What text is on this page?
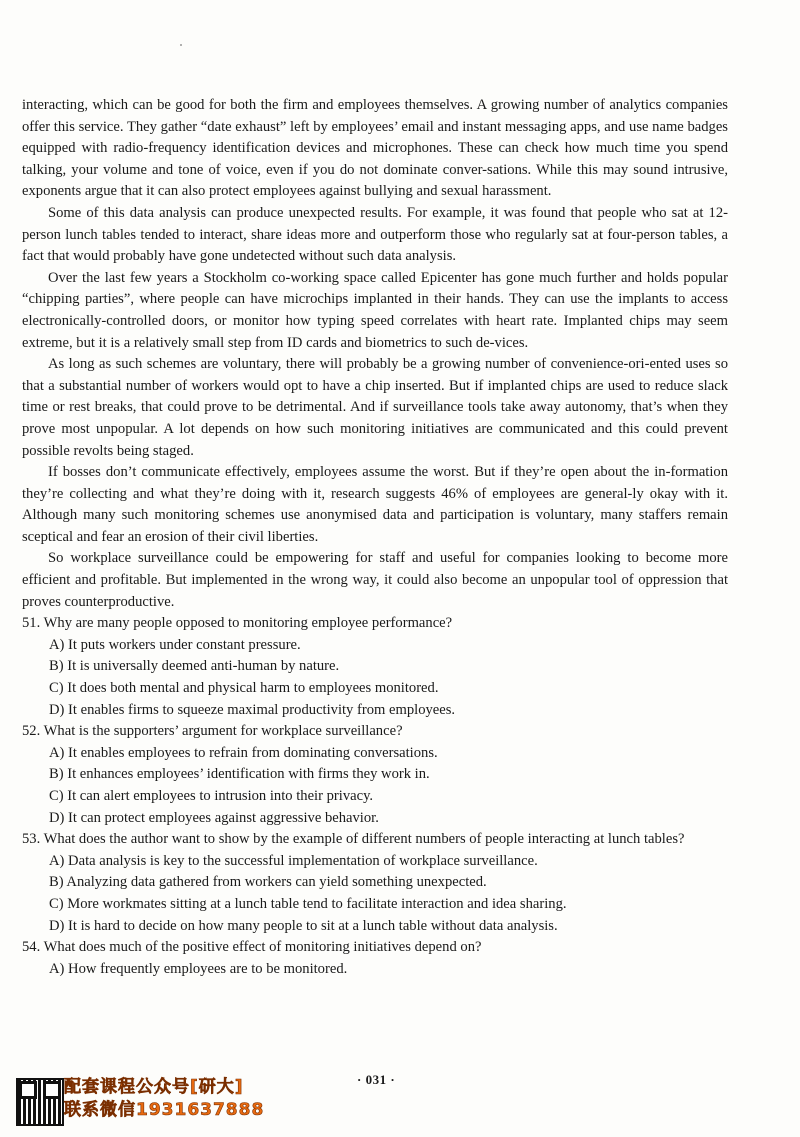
interacting, which can be good for both the firm and employees themselves. A growing number of analytics companies offer this service. They gather “date exhaust” left by employees’ email and instant messaging apps, and use name badges equipped with radio-frequency identification devices and microphones. These can check how much time you spend talking, your volume and tone of voice, even if you do not dominate conver-sations. While this may sound intrusive, exponents argue that it can also protect employees against bullying and sexual harassment.

Some of this data analysis can produce unexpected results. For example, it was found that people who sat at 12-person lunch tables tended to interact, share ideas more and outperform those who regularly sat at four-person tables, a fact that would probably have gone undetected without such data analysis.

Over the last few years a Stockholm co-working space called Epicenter has gone much further and holds popular “chipping parties”, where people can have microchips implanted in their hands. They can use the implants to access electronically-controlled doors, or monitor how typing speed correlates with heart rate. Implanted chips may seem extreme, but it is a relatively small step from ID cards and biometrics to such de-vices.

As long as such schemes are voluntary, there will probably be a growing number of convenience-ori-ented uses so that a substantial number of workers would opt to have a chip inserted. But if implanted chips are used to reduce slack time or rest breaks, that could prove to be detrimental. And if surveillance tools take away autonomy, that’s when they prove most unpopular. A lot depends on how such monitoring initiatives are communicated and this could prevent possible revolts being staged.

If bosses don’t communicate effectively, employees assume the worst. But if they’re open about the in-formation they’re collecting and what they’re doing with it, research suggests 46% of employees are general-ly okay with it. Although many such monitoring schemes use anonymised data and participation is voluntary, many staffers remain sceptical and fear an erosion of their civil liberties.

So workplace surveillance could be empowering for staff and useful for companies looking to become more efficient and profitable. But implemented in the wrong way, it could also become an unpopular tool of oppression that proves counterproductive.

51. Why are many people opposed to monitoring employee performance?

A) It puts workers under constant pressure.

B) It is universally deemed anti-human by nature.

C) It does both mental and physical harm to employees monitored.

D) It enables firms to squeeze maximal productivity from employees.

52. What is the supporters’ argument for workplace surveillance?

A) It enables employees to refrain from dominating conversations.

B) It enhances employees’ identification with firms they work in.

C) It can alert employees to intrusion into their privacy.

D) It can protect employees against aggressive behavior.

53. What does the author want to show by the example of different numbers of people interacting at lunch tables?

A) Data analysis is key to the successful implementation of workplace surveillance.

B) Analyzing data gathered from workers can yield something unexpected.

C) More workmates sitting at a lunch table tend to facilitate interaction and idea sharing.

D) It is hard to decide on how many people to sit at a lunch table without data analysis.

54. What does much of the positive effect of monitoring initiatives depend on?

A) How frequently employees are to be monitored.

· 031 ·
配套课程公众号[研大]
联系微信1931637888
